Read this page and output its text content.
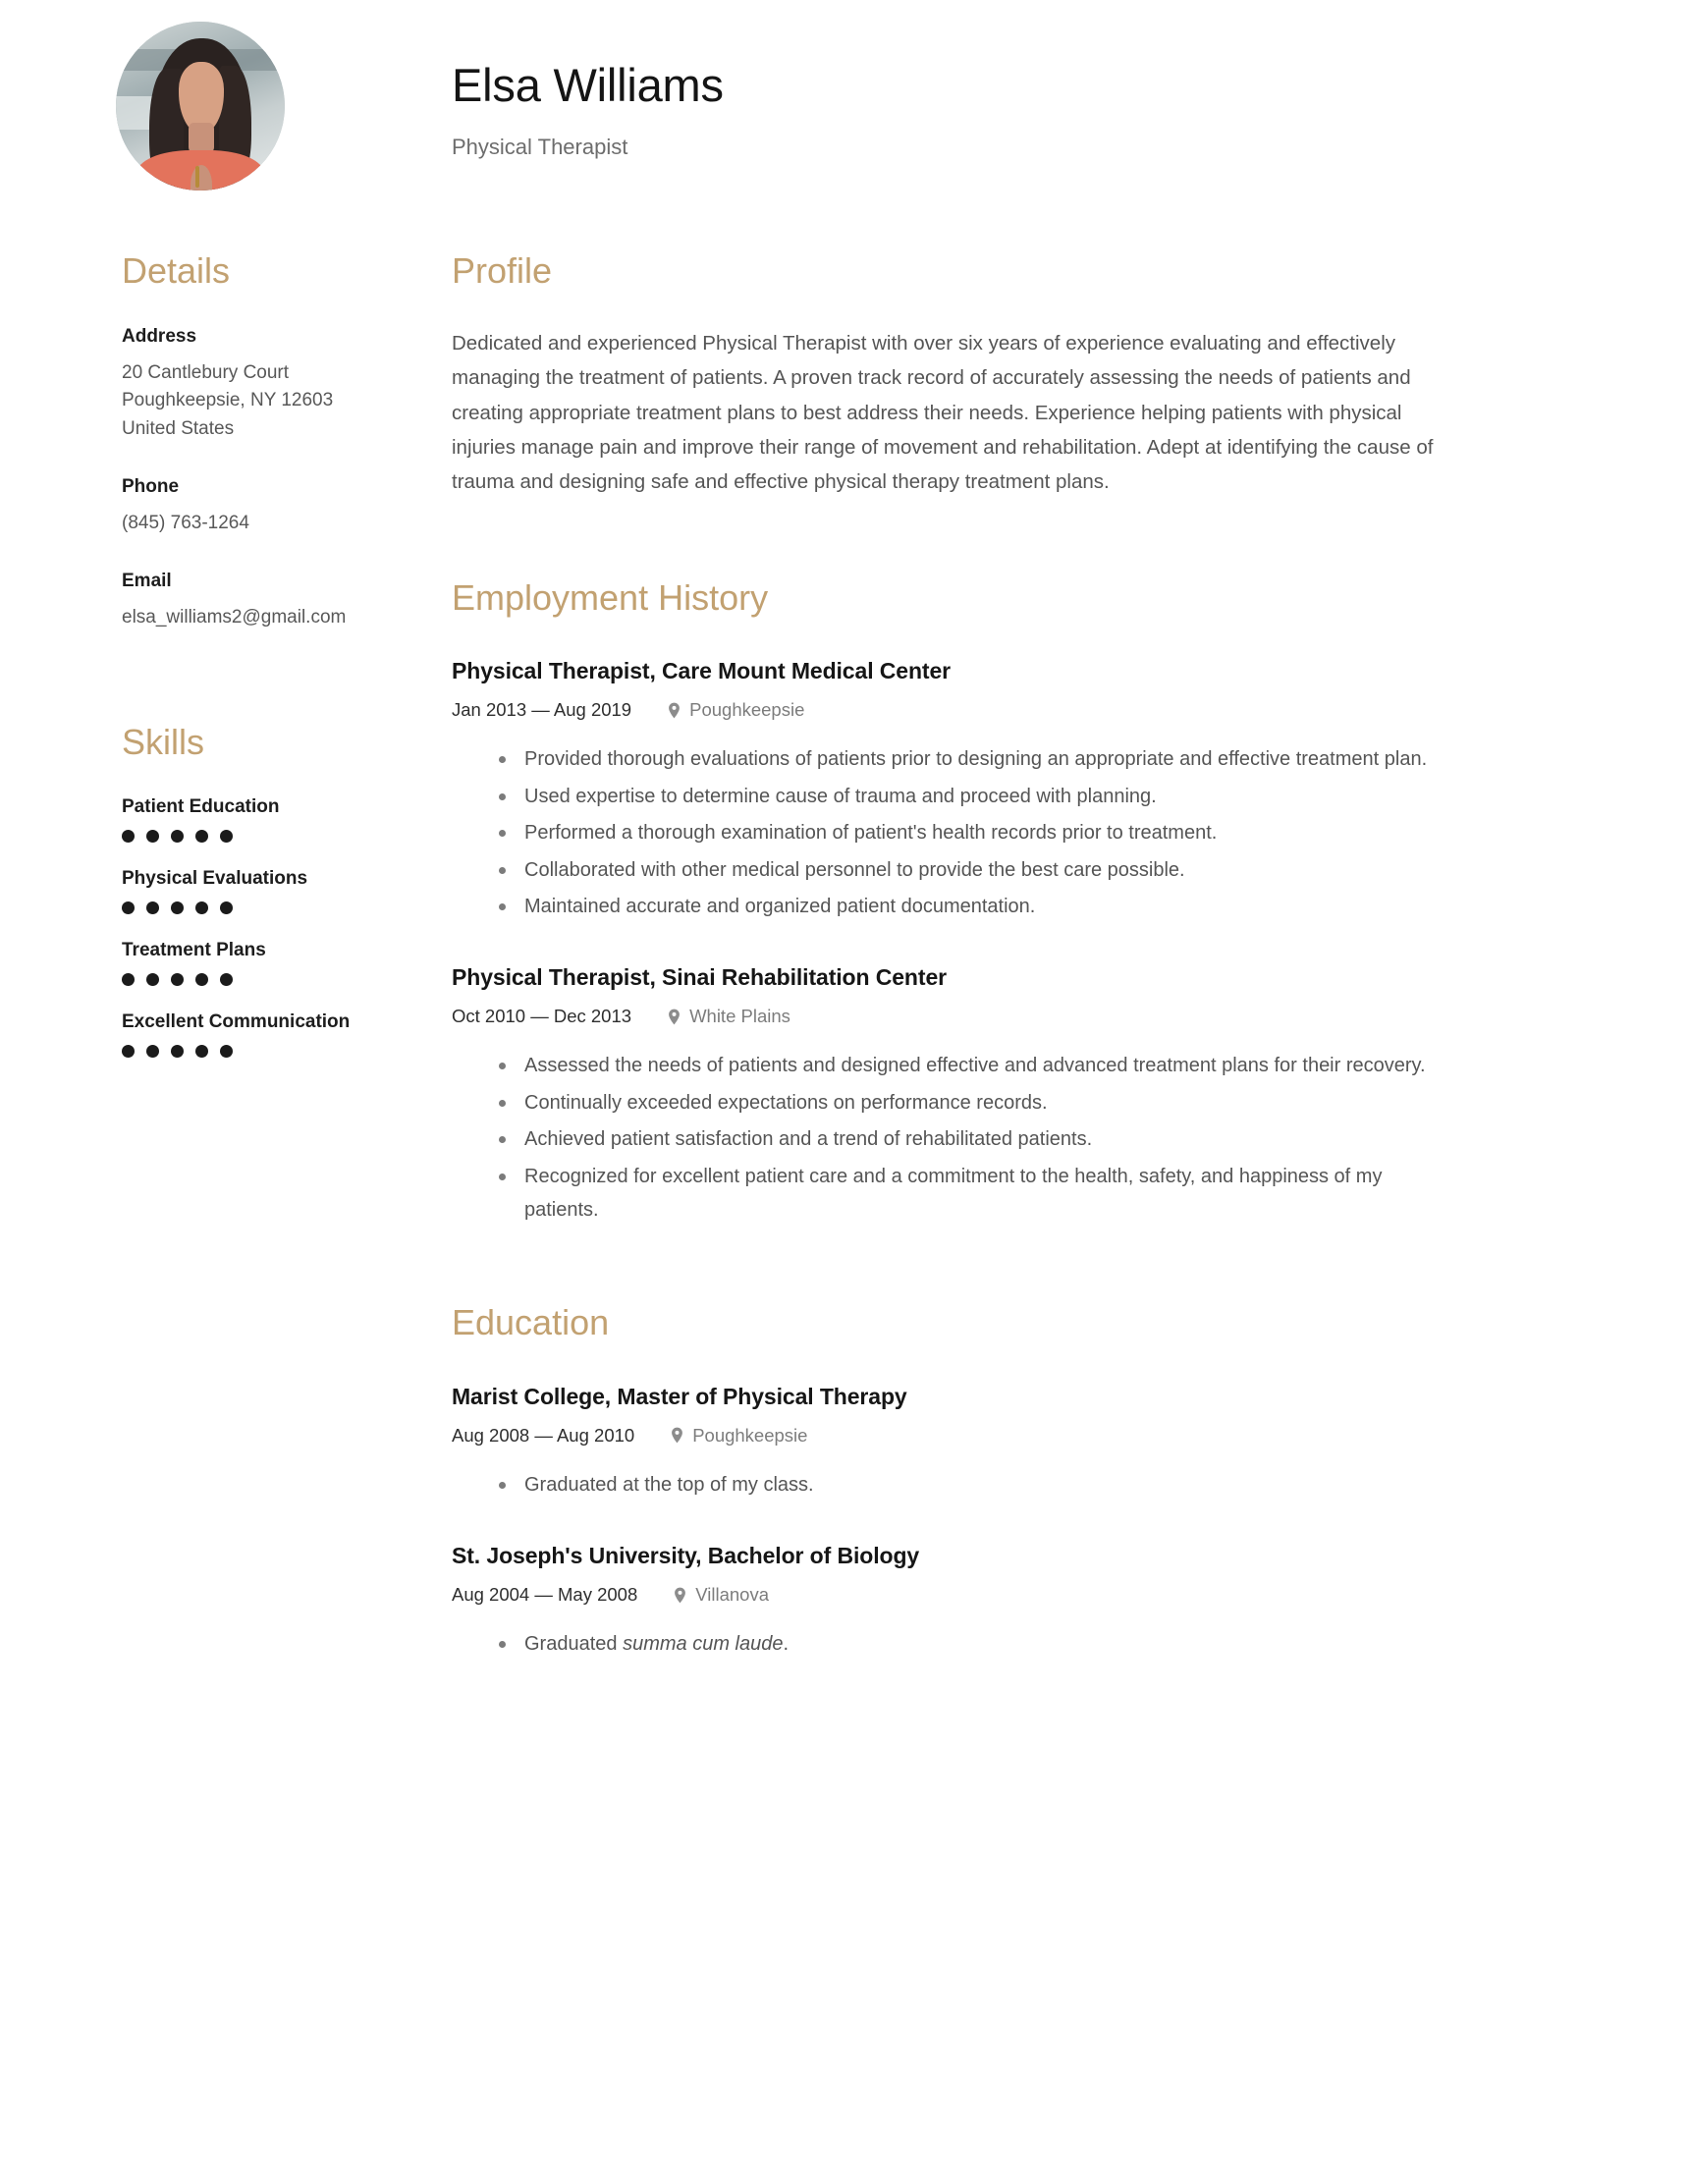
Elsa Williams
Physical Therapist
Details
Address
20 Cantlebury Court
Poughkeepsie, NY 12603
United States
Phone
(845) 763-1264
Email
elsa_williams2@gmail.com
Skills
Patient Education
Physical Evaluations
Treatment Plans
Excellent Communication
Profile
Dedicated and experienced Physical Therapist with over six years of experience evaluating and effectively managing the treatment of patients. A proven track record of accurately assessing the needs of patients and creating appropriate treatment plans to best address their needs. Experience helping patients with physical injuries manage pain and improve their range of movement and rehabilitation. Adept at identifying the cause of trauma and designing safe and effective physical therapy treatment plans.
Employment History
Physical Therapist, Care Mount Medical Center
Jan 2013 — Aug 2019	Poughkeepsie
Provided thorough evaluations of patients prior to designing an appropriate and effective treatment plan.
Used expertise to determine cause of trauma and proceed with planning.
Performed a thorough examination of patient's health records prior to treatment.
Collaborated with other medical personnel to provide the best care possible.
Maintained accurate and organized patient documentation.
Physical Therapist, Sinai Rehabilitation Center
Oct 2010 — Dec 2013	White Plains
Assessed the needs of patients and designed effective and advanced treatment plans for their recovery.
Continually exceeded expectations on performance records.
Achieved patient satisfaction and a trend of rehabilitated patients.
Recognized for excellent patient care and a commitment to the health, safety, and happiness of my patients.
Education
Marist College, Master of Physical Therapy
Aug 2008 — Aug 2010	Poughkeepsie
Graduated at the top of my class.
St. Joseph's University, Bachelor of Biology
Aug 2004 — May 2008	Villanova
Graduated summa cum laude.
